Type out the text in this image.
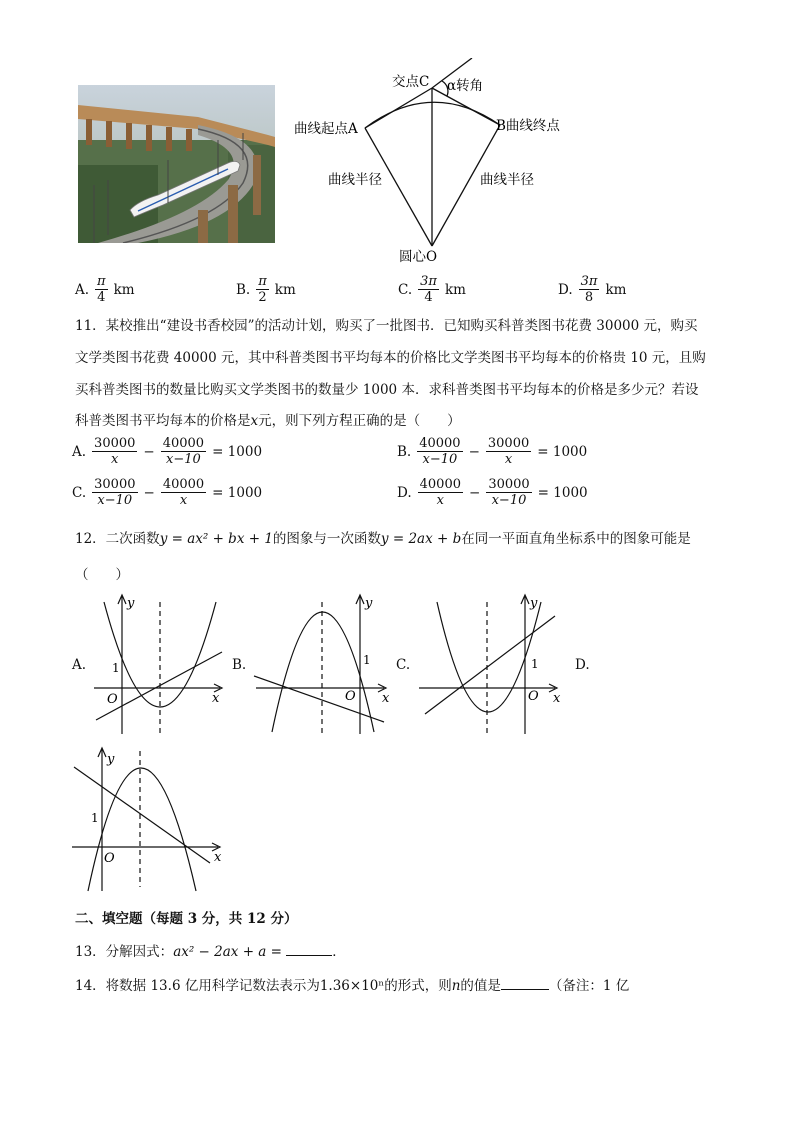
交点C α转角
曲线起点A	B曲线终点
曲线半径	曲线半径
圆心O
A. $\frac{\pi}{4}$ km	B. $\frac{\pi}{2}$ km	C. $\frac{3\pi}{4}$ km	D. $\frac{3\pi}{8}$ km
11．某校推出“建设书香校园”的活动计划，购买了一批图书．已知购买科普类图书花费 30000 元，购买
文学类图书花费 40000 元，其中科普类图书平均每本的价格比文学类图书平均每本的价格贵 10 元，且购
买科普类图书的数量比购买文学类图书的数量少 1000 本．求科普类图书平均每本的价格是多少元？若设
科普类图书平均每本的价格是x元，则下列方程正确的是（　　）
A. $\frac{30000}{x} - \frac{40000}{x-10} = 1000$	B. $\frac{40000}{x-10} - \frac{30000}{x} = 1000$
C. $\frac{30000}{x-10} - \frac{40000}{x} = 1000$	D. $\frac{40000}{x} - \frac{30000}{x-10} = 1000$
12．二次函数y = ax² + bx + 1的图象与一次函数y = 2ax + b在同一平面直角坐标系中的图象可能是
（　　）
A.
y
x
O
1	B.
y
x
O
1 C.
y
x
O
1	D.
y
x
O
1
二、填空题（每题 3 分，共 12 分）
13．分解因式：ax² − 2ax + a =	．
14．将数据 13.6 亿用科学记数法表示为1.36×10ⁿ的形式，则n的值是	（备注：1 亿
